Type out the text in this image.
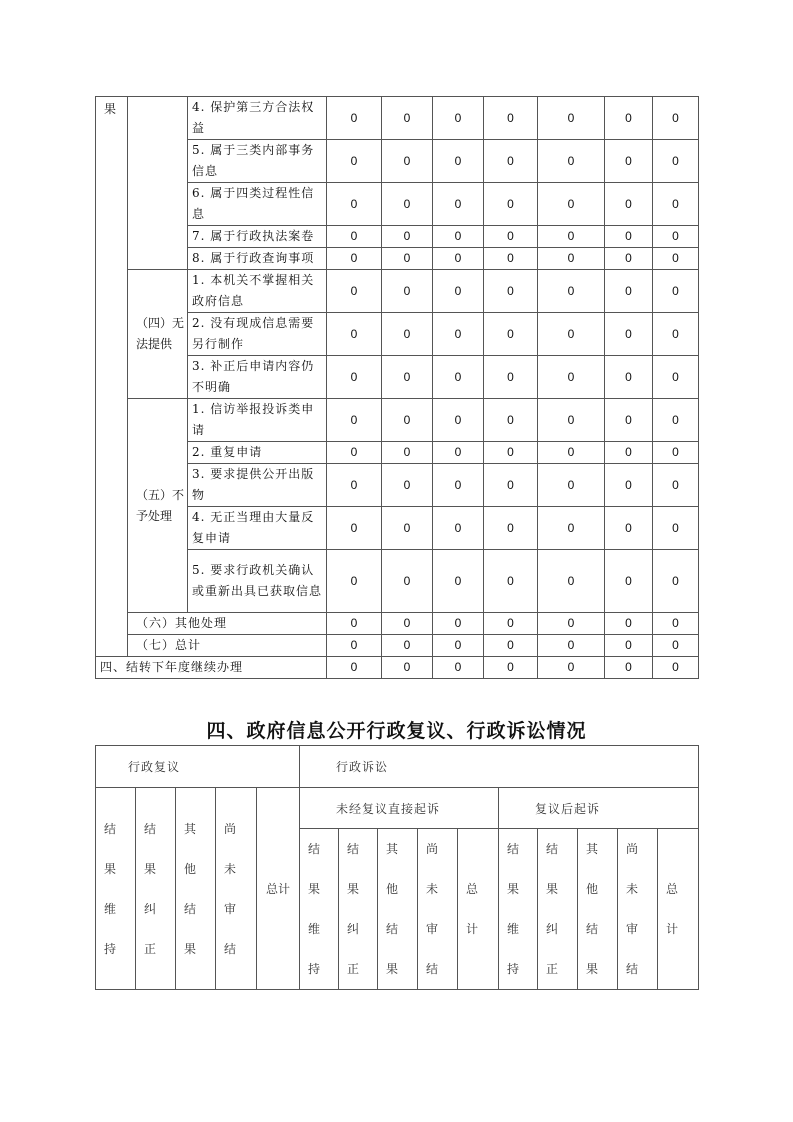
果		4. 保护第三方合法权益	0	0	0	0	0	0	0
5. 属于三类内部事务信息	0	0	0	0	0	0	0
6. 属于四类过程性信息	0	0	0	0	0	0	0
7. 属于行政执法案卷	0	0	0	0	0	0	0
8. 属于行政查询事项	0	0	0	0	0	0	0
（四）无法提供	1. 本机关不掌握相关政府信息	0	0	0	0	0	0	0
2. 没有现成信息需要另行制作	0	0	0	0	0	0	0
3. 补正后申请内容仍不明确	0	0	0	0	0	0	0
（五）不予处理	1. 信访举报投诉类申请	0	0	0	0	0	0	0
2. 重复申请	0	0	0	0	0	0	0
3. 要求提供公开出版物	0	0	0	0	0	0	0
4. 无正当理由大量反复申请	0	0	0	0	0	0	0
5. 要求行政机关确认或重新出具已获取信息	0	0	0	0	0	0	0
（六）其他处理	0	0	0	0	0	0	0
（七）总计	0	0	0	0	0	0	0
四、结转下年度继续办理	0	0	0	0	0	0	0
四、政府信息公开行政复议、行政诉讼情况
行政复议	行政诉讼

结
果
维
持

结
果
纠
正

其
他
结
果

尚
未
审
结
	总计	未经复议直接起诉	复议后起诉

结
果
维
持

结
果
纠
正

其
他
结
果

尚
未
审
结

总
计

结
果
维
持

结
果
纠
正

其
他
结
果

尚
未
审
结

总
计
